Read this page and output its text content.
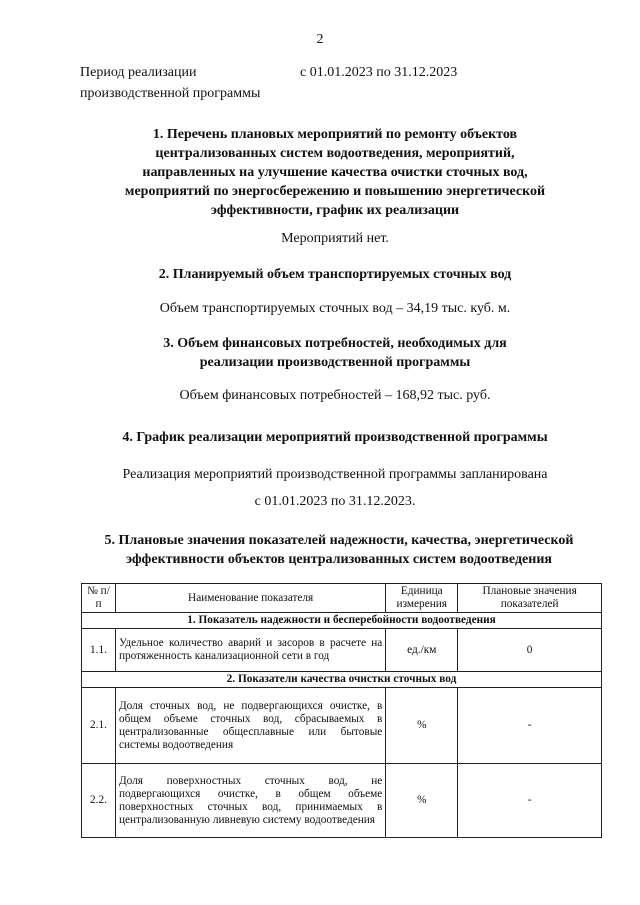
2
Период реализации
производственной программы
с 01.01.2023 по 31.12.2023
1. Перечень плановых мероприятий по ремонту объектов
централизованных систем водоотведения, мероприятий,
направленных на улучшение качества очистки сточных вод,
мероприятий по энергосбережению и повышению энергетической
эффективности, график их реализации
Мероприятий нет.
2. Планируемый объем транспортируемых сточных вод
Объем транспортируемых сточных вод – 34,19 тыс. куб. м.
3. Объем финансовых потребностей, необходимых для
реализации производственной программы
Объем финансовых потребностей – 168,92 тыс. руб.
4. График реализации мероприятий производственной программы
Реализация мероприятий производственной программы запланирована
с 01.01.2023 по 31.12.2023.
5. Плановые значения показателей надежности, качества, энергетической
эффективности объектов централизованных систем водоотведения
№ п/п	Наименование показателя	Единица измерения	Плановые значения показателей
1. Показатель надежности и бесперебойности водоотведения			
1.1.	Удельное количество аварий и засоров в расчете на протяженность канализационной сети в год	ед./км	0
2. Показатели качества очистки сточных вод			
2.1.	Доля сточных вод, не подвергающихся очистке, в общем объеме сточных вод, сбрасываемых в централизованные общесплавные или бытовые системы водоотведения	%	-
2.2.	Доля поверхностных сточных вод, не подвергающихся очистке, в общем объеме поверхностных сточных вод, принимаемых в централизованную ливневую систему водоотведения	%	-
